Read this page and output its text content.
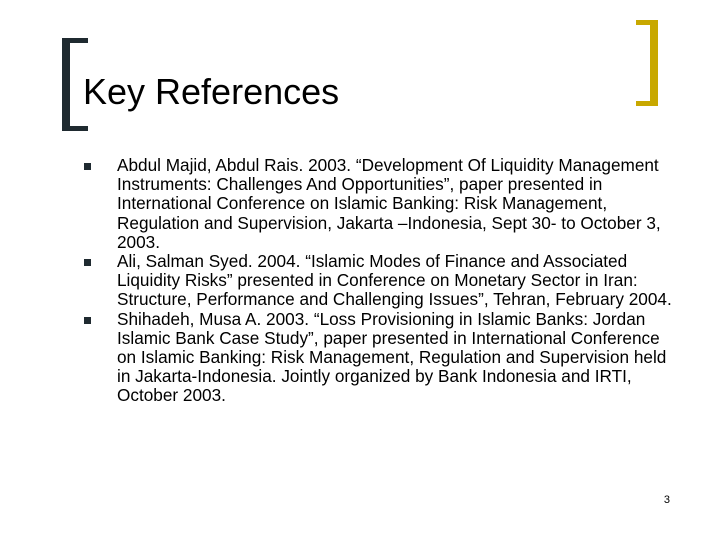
Key References
Abdul Majid, Abdul Rais. 2003. “Development Of Liquidity Management Instruments: Challenges And Opportunities”, paper presented in International Conference on Islamic Banking: Risk Management, Regulation and Supervision, Jakarta –Indonesia, Sept 30- to October 3, 2003.
Ali, Salman Syed. 2004. “Islamic Modes of Finance and Associated Liquidity Risks” presented in Conference on Monetary Sector in Iran: Structure, Performance and Challenging Issues”, Tehran, February 2004.
Shihadeh, Musa A. 2003. “Loss Provisioning in Islamic Banks: Jordan Islamic Bank Case Study”, paper presented in International Conference on Islamic Banking: Risk Management, Regulation and Supervision held in Jakarta-Indonesia. Jointly organized by Bank Indonesia and IRTI, October 2003.
3
